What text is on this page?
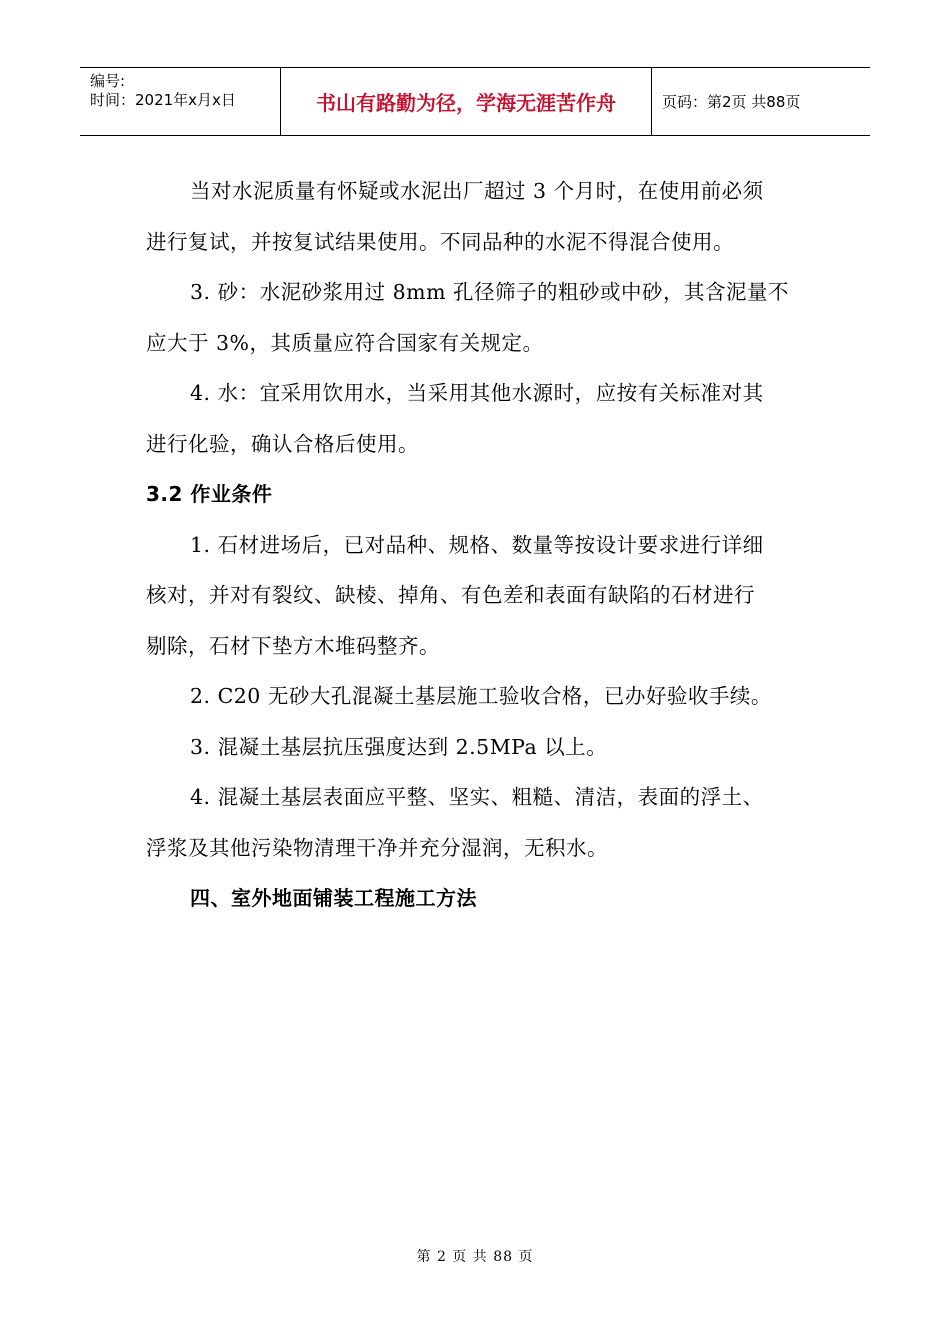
编号:
时间：2021年x月x日	书山有路勤为径，学海无涯苦作舟	页码：第2页 共88页

当对水泥质量有怀疑或水泥出厂超过 3 个月时，在使用前必须

进行复试，并按复试结果使用。不同品种的水泥不得混合使用。

3. 砂：水泥砂浆用过 8mm 孔径筛子的粗砂或中砂，其含泥量不

应大于 3%，其质量应符合国家有关规定。

4. 水：宜采用饮用水，当采用其他水源时，应按有关标准对其

进行化验，确认合格后使用。

3.2 作业条件

1. 石材进场后，已对品种、规格、数量等按设计要求进行详细

核对，并对有裂纹、缺棱、掉角、有色差和表面有缺陷的石材进行

剔除，石材下垫方木堆码整齐。

2. C20 无砂大孔混凝土基层施工验收合格，已办好验收手续。

3. 混凝土基层抗压强度达到 2.5MPa 以上。

4. 混凝土基层表面应平整、坚实、粗糙、清洁，表面的浮土、

浮浆及其他污染物清理干净并充分湿润，无积水。

四、室外地面铺装工程施工方法

第 2 页 共 88 页
